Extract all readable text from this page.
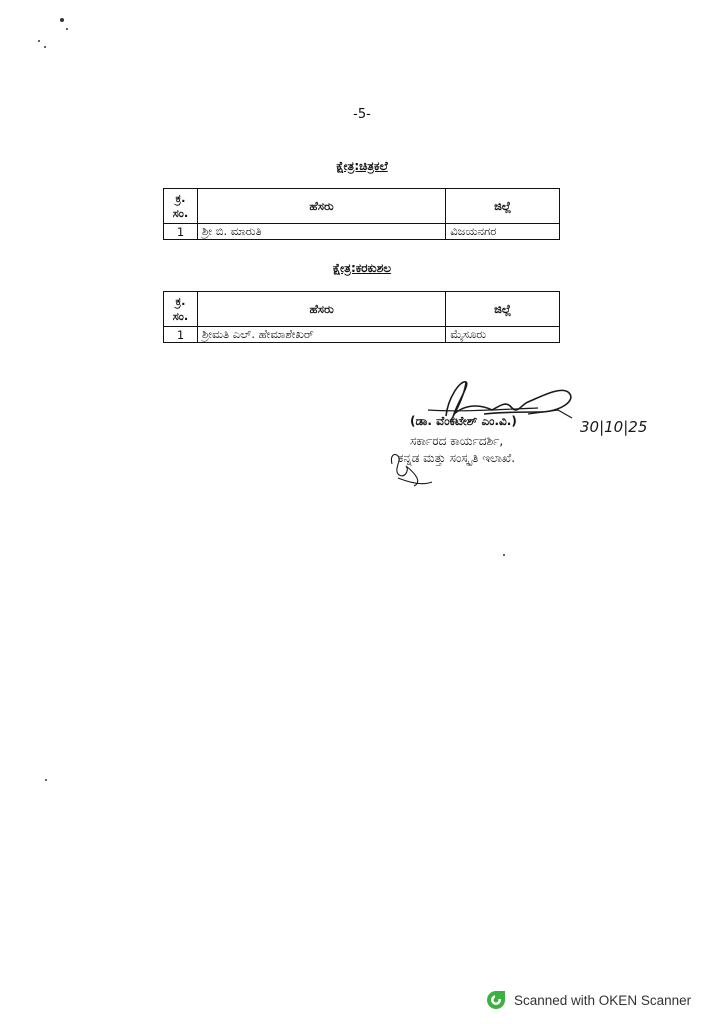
-5-
ಕ್ಷೇತ್ರ:ಚಿತ್ರಕಲೆ
ಕ್ರ. ಸಂ.	ಹೆಸರು	ಜಿಲ್ಲೆ
1	ಶ್ರೀ ಬಿ. ಮಾರುತಿ	ವಿಜಯನಗರ
ಕ್ಷೇತ್ರ:ಕರಕುಶಲ
ಕ್ರ. ಸಂ.	ಹೆಸರು	ಜಿಲ್ಲೆ
1	ಶ್ರೀಮತಿ ಎಲ್. ಹೇಮಾಶೇಖರ್	ಮೈಸೂರು
30|10|25
(ಡಾ. ವೆಂಕಟೇಶ್ ಎಂ.ವಿ.)
ಸರ್ಕಾರದ ಕಾರ್ಯದರ್ಶಿ,
ಕನ್ನಡ ಮತ್ತು ಸಂಸ್ಕೃತಿ ಇಲಾಖೆ.
Scanned with OKEN Scanner
